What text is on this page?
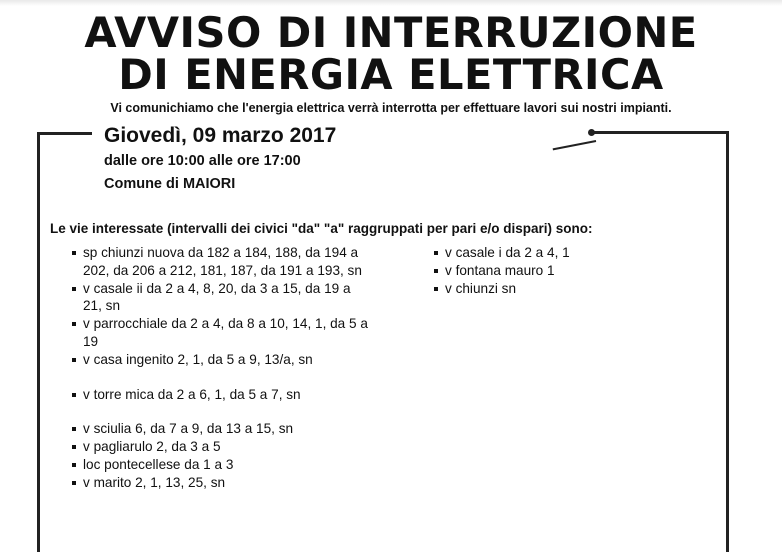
AVVISO DI INTERRUZIONE
DI ENERGIA ELETTRICA
Vi comunichiamo che l'energia elettrica verrà interrotta per effettuare lavori sui nostri impianti.
Giovedì, 09 marzo 2017
dalle ore 10:00 alle ore 17:00
Comune di MAIORI
Le vie interessate (intervalli dei civici "da" "a" raggruppati per pari e/o dispari) sono:
sp chiunzi nuova da 182 a 184, 188, da 194 a 202, da 206 a 212, 181, 187, da 191 a 193, sn
v casale ii da 2 a 4, 8, 20, da 3 a 15, da 19 a 21, sn
v parrocchiale da 2 a 4, da 8 a 10, 14, 1, da 5 a 19
v casa ingenito 2, 1, da 5 a 9, 13/a, sn
v torre mica da 2 a 6, 1, da 5 a 7, sn
v sciulia 6, da 7 a 9, da 13 a 15, sn
v pagliarulo 2, da 3 a 5
loc pontecellese da 1 a 3
v marito 2, 1, 13, 25, sn
v casale i da 2 a 4, 1
v fontana mauro 1
v chiunzi sn
